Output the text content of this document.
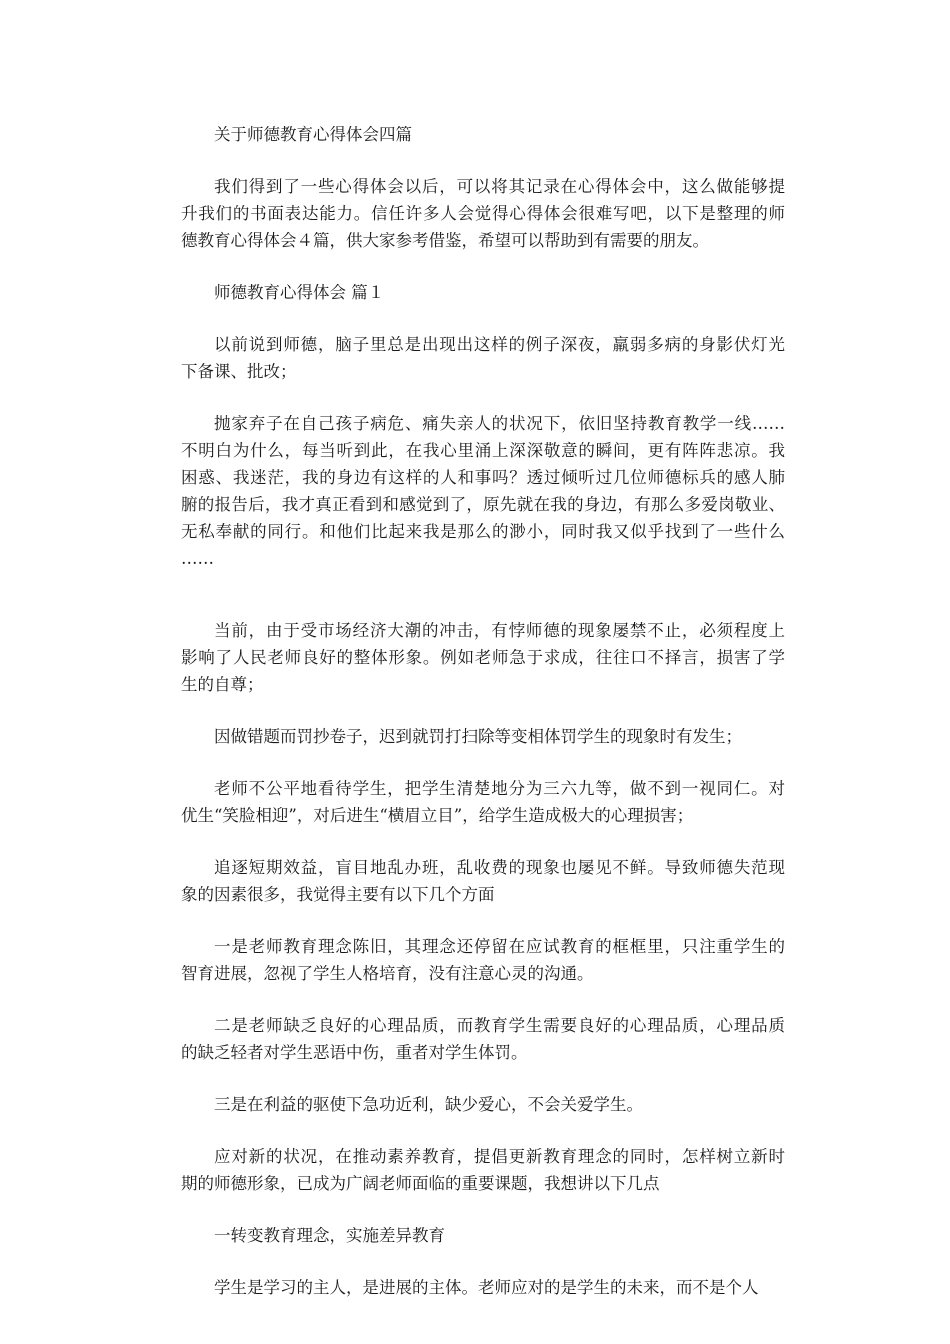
关于师德教育心得体会四篇

我们得到了一些心得体会以后，可以将其记录在心得体会中，这么做能够提
升我们的书面表达能力。信任许多人会觉得心得体会很难写吧，以下是整理的师
德教育心得体会４篇，供大家参考借鉴，希望可以帮助到有需要的朋友。

师德教育心得体会 篇１

以前说到师德，脑子里总是出现出这样的例子深夜，羸弱多病的身影伏灯光
下备课、批改；

抛家弃子在自己孩子病危、痛失亲人的状况下，依旧坚持教育教学一线……
不明白为什么，每当听到此，在我心里涌上深深敬意的瞬间，更有阵阵悲凉。我
困惑、我迷茫，我的身边有这样的人和事吗？透过倾听过几位师德标兵的感人肺
腑的报告后，我才真正看到和感觉到了，原先就在我的身边，有那么多爱岗敬业、
无私奉献的同行。和他们比起来我是那么的渺小，同时我又似乎找到了一些什么
……

当前，由于受市场经济大潮的冲击，有悖师德的现象屡禁不止，必须程度上
影响了人民老师良好的整体形象。例如老师急于求成，往往口不择言，损害了学
生的自尊；

因做错题而罚抄卷子，迟到就罚打扫除等变相体罚学生的现象时有发生；

老师不公平地看待学生，把学生清楚地分为三六九等，做不到一视同仁。对
优生“笑脸相迎”，对后进生“横眉立目”，给学生造成极大的心理损害；

追逐短期效益，盲目地乱办班，乱收费的现象也屡见不鲜。导致师德失范现
象的因素很多，我觉得主要有以下几个方面

一是老师教育理念陈旧，其理念还停留在应试教育的框框里，只注重学生的
智育进展，忽视了学生人格培育，没有注意心灵的沟通。

二是老师缺乏良好的心理品质，而教育学生需要良好的心理品质，心理品质
的缺乏轻者对学生恶语中伤，重者对学生体罚。

三是在利益的驱使下急功近利，缺少爱心，不会关爱学生。

应对新的状况，在推动素养教育，提倡更新教育理念的同时，怎样树立新时
期的师德形象，已成为广阔老师面临的重要课题，我想讲以下几点

一转变教育理念，实施差异教育

学生是学习的主人，是进展的主体。老师应对的是学生的未来，而不是个人
